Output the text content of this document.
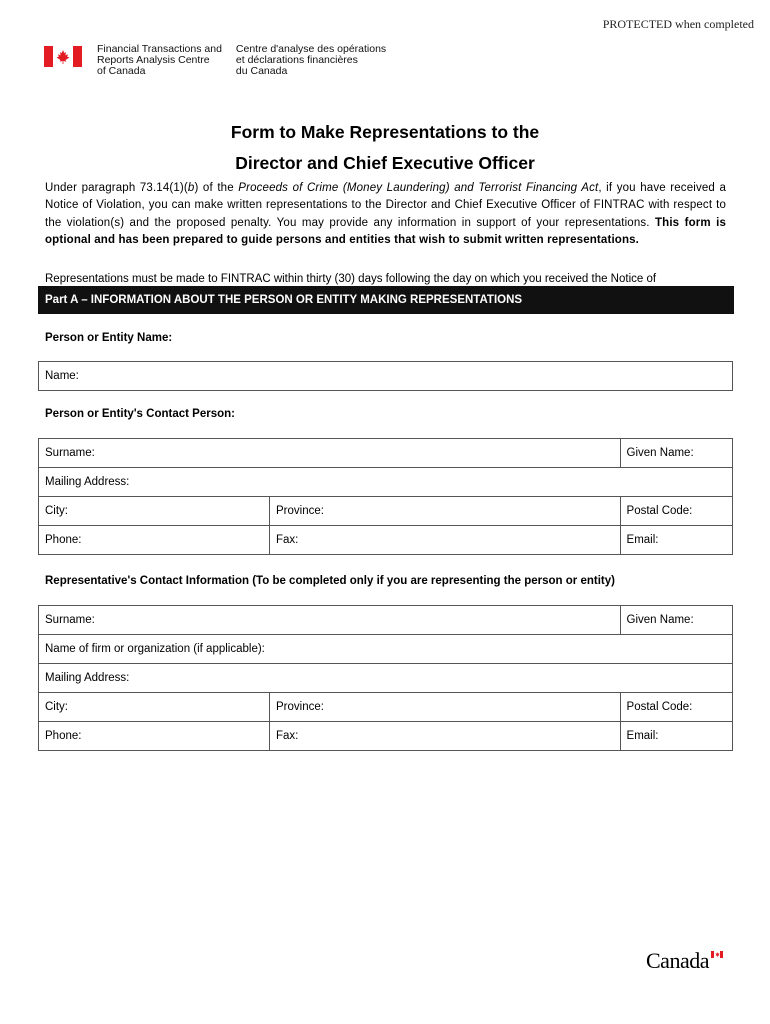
PROTECTED when completed
Financial Transactions and
Reports Analysis Centre
of Canada
Centre d'analyse des opérations
et déclarations financières
du Canada
Form to Make Representations to the
Director and Chief Executive Officer
Under paragraph 73.14(1)(b) of the Proceeds of Crime (Money Laundering) and Terrorist Financing Act, if you have received a Notice of Violation, you can make written representations to the Director and Chief Executive Officer of FINTRAC with respect to the violation(s) and the proposed penalty. You may provide any information in support of your representations. This form is optional and has been prepared to guide persons and entities that wish to submit written representations.
Representations must be made to FINTRAC within thirty (30) days following the day on which you received the Notice of
Part A – INFORMATION ABOUT THE PERSON OR ENTITY MAKING REPRESENTATIONS
Person or Entity Name:
Name:
Person or Entity's Contact Person:
Surname:		Given Name:
Mailing Address:		
City:	Province:	Postal Code:
Phone:	Fax:	Email:
Representative's Contact Information (To be completed only if you are representing the person or entity)
Surname:		Given Name:
Name of firm or organization (if applicable):		
Mailing Address:		
City:	Province:	Postal Code:
Phone:	Fax:	Email:
Canada
